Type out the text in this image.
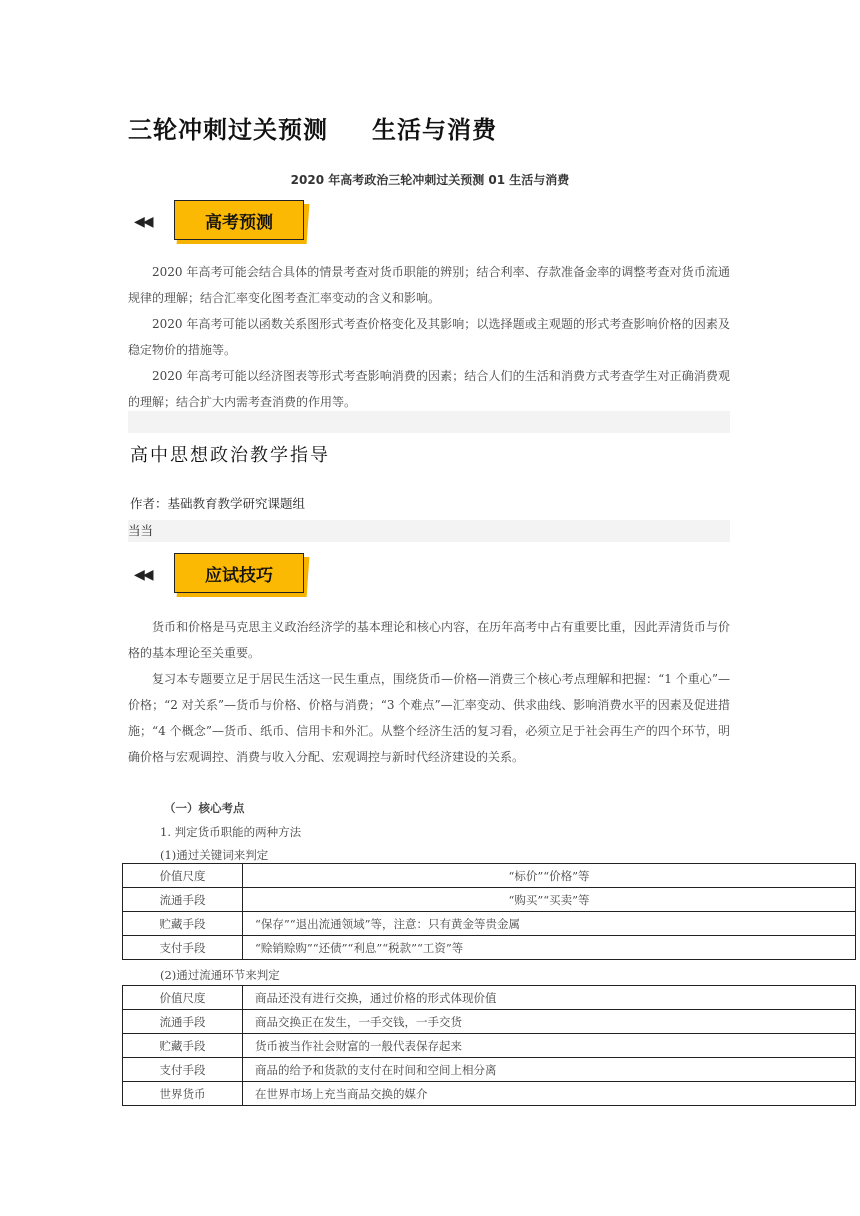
三轮冲刺过关预测 生活与消费
2020 年高考政治三轮冲刺过关预测 01 生活与消费
◀◀	高考预测

2020 年高考可能会结合具体的情景考查对货币职能的辨别；结合利率、存款准备金率的调整考查对货币流通规律的理解；结合汇率变化图考查汇率变动的含义和影响。

2020 年高考可能以函数关系图形式考查价格变化及其影响；以选择题或主观题的形式考查影响价格的因素及稳定物价的措施等。

2020 年高考可能以经济图表等形式考查影响消费的因素；结合人们的生活和消费方式考查学生对正确消费观的理解；结合扩大内需考查消费的作用等。

高中思想政治教学指导
作者：基础教育教学研究课题组
当当
◀◀	应试技巧

货币和价格是马克思主义政治经济学的基本理论和核心内容，在历年高考中占有重要比重，因此弄清货币与价格的基本理论至关重要。

复习本专题要立足于居民生活这一民生重点，围绕货币—价格—消费三个核心考点理解和把握：“1 个重心”—价格；“2 对关系”—货币与价格、价格与消费；“3 个难点”—汇率变动、供求曲线、影响消费水平的因素及促进措施；“4 个概念”—货币、纸币、信用卡和外汇。从整个经济生活的复习看，必须立足于社会再生产的四个环节，明确价格与宏观调控、消费与收入分配、宏观调控与新时代经济建设的关系。

（一）核心考点
1. 判定货币职能的两种方法
(1)通过关键词来判定
价值尺度	“标价”“价格”等
流通手段	“购买”“买卖”等
贮藏手段	“保存”“退出流通领域”等，注意：只有黄金等贵金属
支付手段	“赊销赊购”“还债”“利息”“税款”“工资”等
(2)通过流通环节来判定
价值尺度	商品还没有进行交换，通过价格的形式体现价值
流通手段	商品交换正在发生，一手交钱，一手交货
贮藏手段	货币被当作社会财富的一般代表保存起来
支付手段	商品的给予和货款的支付在时间和空间上相分离
世界货币	在世界市场上充当商品交换的媒介
